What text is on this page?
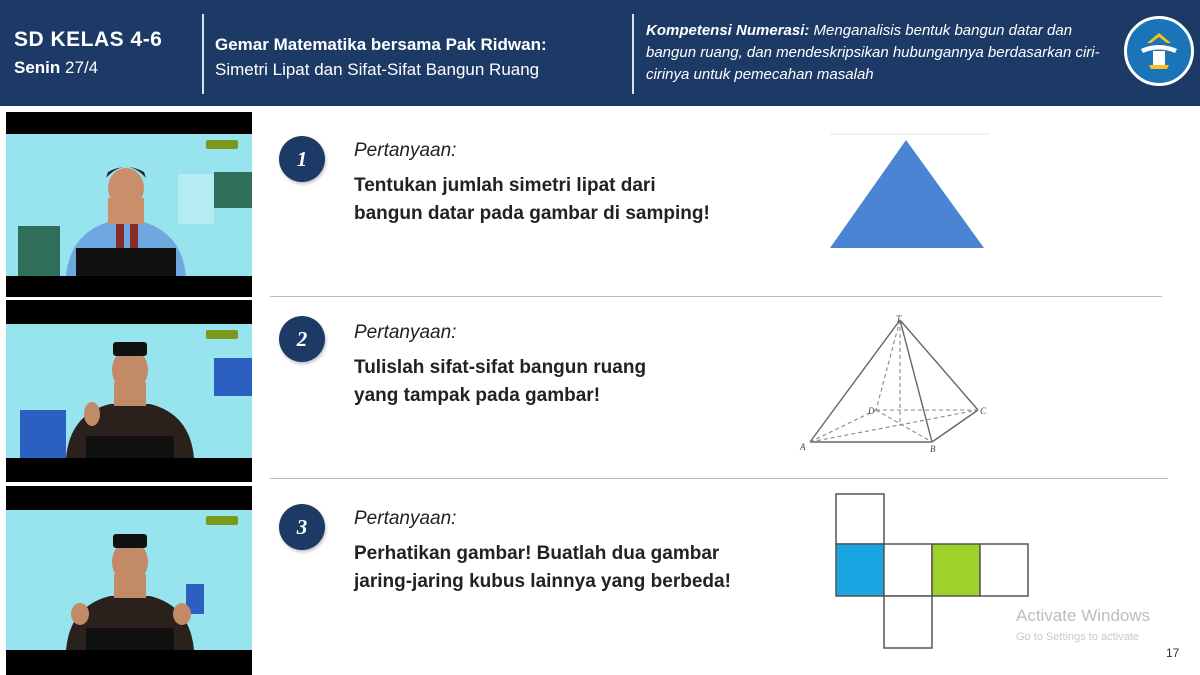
SD KELAS 4-6
Senin 27/4
Gemar Matematika bersama Pak Ridwan:
Simetri Lipat dan Sifat-Sifat Bangun Ruang
Kompetensi Numerasi: Menganalisis bentuk bangun datar dan bangun ruang, dan mendeskripsikan hubungannya berdasarkan ciri-cirinya untuk pemecahan masalah
1	Pertanyaan:
Tentukan jumlah simetri lipat dari
bangun datar pada gambar di samping!
2	Pertanyaan:
Tulislah sifat-sifat bangun ruang
yang tampak pada gambar!
T
A	B
C
D
3	Pertanyaan:
Perhatikan gambar! Buatlah dua gambar
jaring-jaring kubus lainnya yang berbeda!
Activate Windows
Go to Settings to activate
17
